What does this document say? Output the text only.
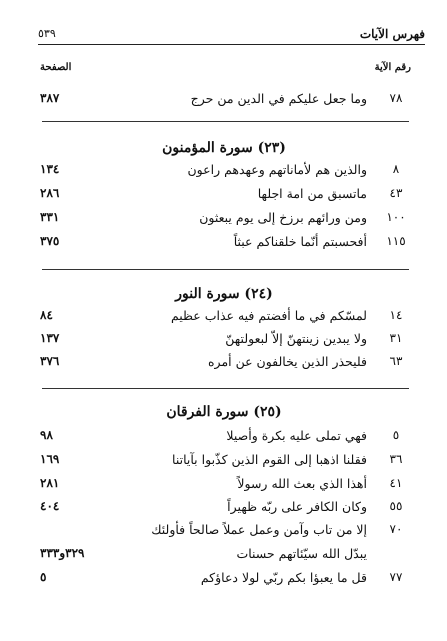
فهرس الآيات
٥٣٩
رقم الآية
الصفحة
٧٨
وما جعل عليكم في الدين من حرج
٣٨٧
(٢٣) سورة المؤمنون
٨
والذين هم لأماناتهم وعهدهم راعون
١٣٤
٤٣
ماتسبق من امة اجلها
٢٨٦
١٠٠
ومن ورائهم برزخ إلى يوم يبعثون
٣٣١
١١٥
أفحسبتم أنّما خلقناكم عبثاً
٣٧٥
(٢٤) سورة النور
١٤
لمسّكم في ما أفضتم فيه عذاب عظيم
٨٤
٣١
ولا يبدين زينتهنّ إلاّ لبعولتهنّ
١٣٧
٦٣
فليحذر الذين يخالفون عن أمره
٣٧٦
(٢٥) سورة الفرقان
٥
فهي تملى عليه بكرة وأصيلا
٩٨
٣٦
فقلنا اذهبا إلى القوم الذين كذّبوا بآياتنا
١٦٩
٤١
أهذا الذي بعث الله رسولاً
٢٨١
٥٥
وكان الكافر على ربّه ظهيراً
٤٠٤
٧٠
إلا من تاب وآمن وعمل عملاً صالحاً فأولئك
يبدّل الله سيّئاتهم حسنات
٣٢٩و٣٣٣
٧٧
قل ما يعبؤا بكم ربّي لولا دعاؤكم
٥
